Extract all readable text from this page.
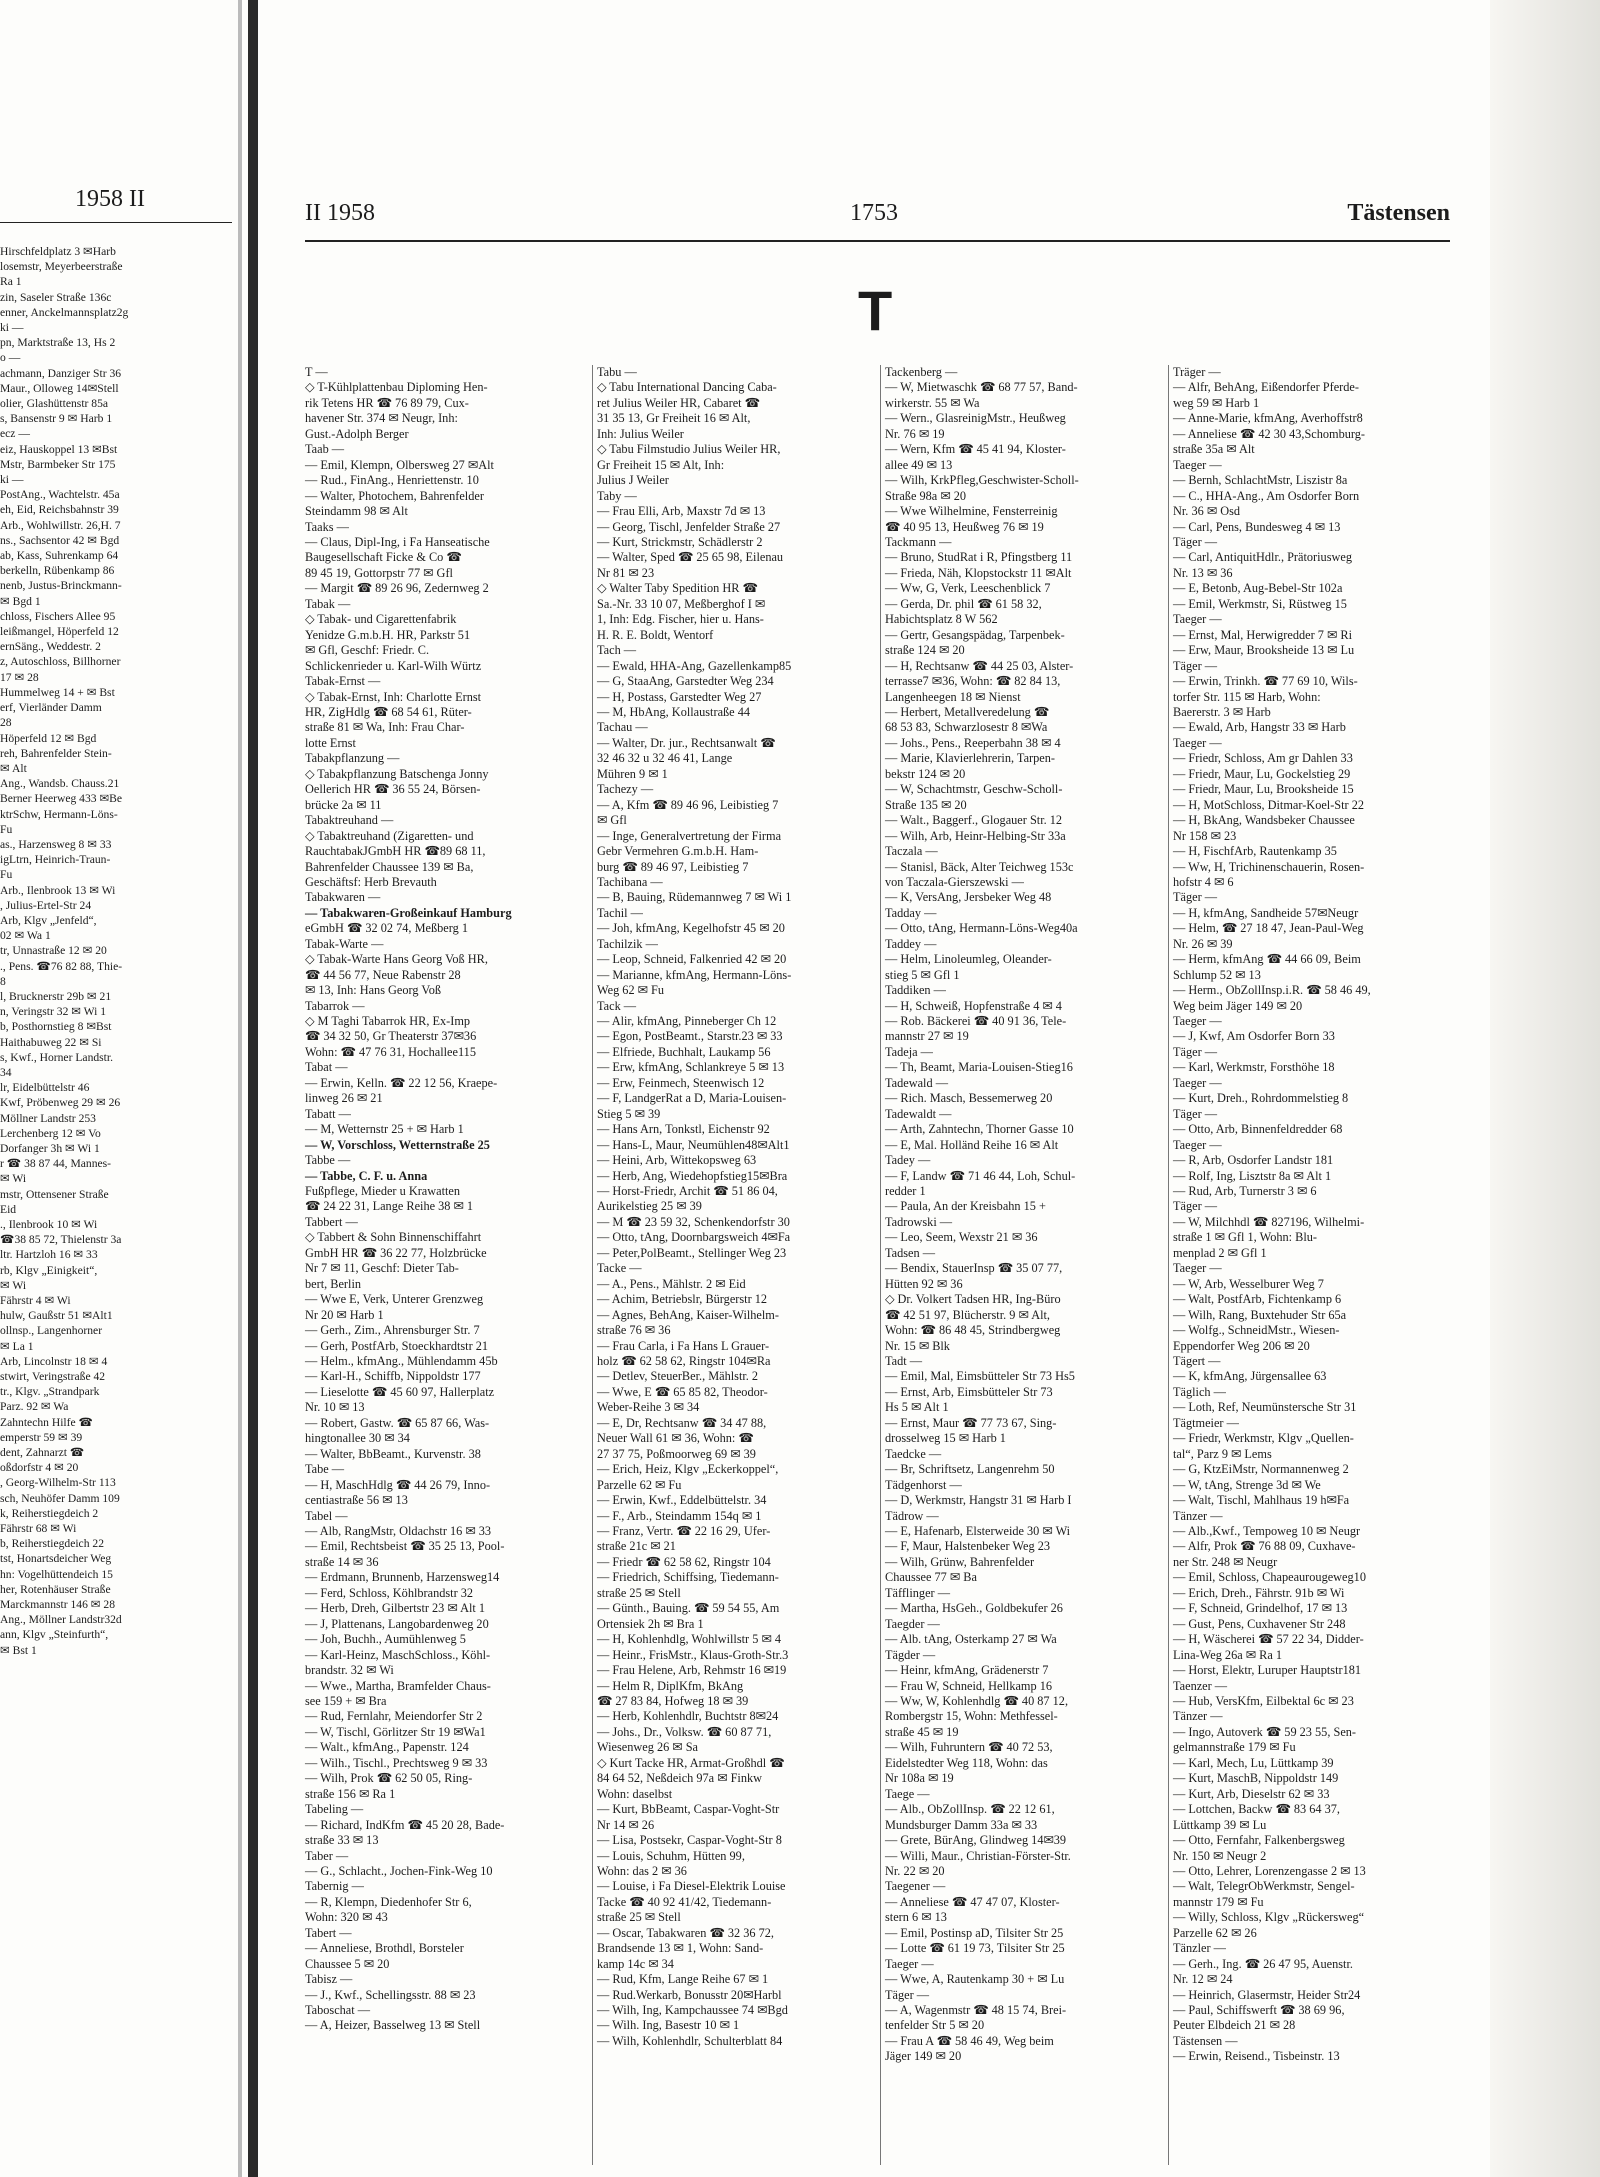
1958 II
Hirschfeldplatz 3 ✉Harb
losemstr, Meyerbeerstraße
Ra 1
zin, Saseler Straße 136c
enner, Anckelmannsplatz2g
ki —
pn, Marktstraße 13, Hs 2
o —
achmann, Danziger Str 36
Maur., Olloweg 14✉Stell
olier, Glashüttenstr 85a
s, Bansenstr 9 ✉ Harb 1
ecz —
eiz, Hauskoppel 13 ✉Bst
Mstr, Barmbeker Str 175
ki —
PostAng., Wachtelstr. 45a
eh, Eid, Reichsbahnstr 39
Arb., Wohlwillstr. 26,H. 7
ns., Sachsentor 42 ✉ Bgd
ab, Kass, Suhrenkamp 64
berkelln, Rübenkamp 86
nenb, Justus-Brinckmann-
✉ Bgd 1
chloss, Fischers Allee 95
leißmangel, Höperfeld 12
ernSäng., Weddestr. 2
z, Autoschloss, Billhorner
17 ✉ 28
Hummelweg 14 + ✉ Bst
erf, Vierländer Damm
28
Höperfeld 12 ✉ Bgd
reh, Bahrenfelder Stein-
✉ Alt
Ang., Wandsb. Chauss.21
Berner Heerweg 433 ✉Be
ktrSchw, Hermann-Löns-
Fu
as., Harzensweg 8 ✉ 33
igLtrn, Heinrich-Traun-
Fu
Arb., Ilenbrook 13 ✉ Wi
, Julius-Ertel-Str 24
Arb, Klgv „Jenfeld“,
02 ✉ Wa 1
tr, Unnastraße 12 ✉ 20
., Pens. ☎76 82 88, Thie-
8
l, Brucknerstr 29b ✉ 21
n, Veringstr 32 ✉ Wi 1
b, Posthornstieg 8 ✉Bst
Haithabuweg 22 ✉ Si
s, Kwf., Horner Landstr.
34
lr, Eidelbüttelstr 46
Kwf, Pröbenweg 29 ✉ 26
Möllner Landstr 253
Lerchenberg 12 ✉ Vo
Dorfanger 3h ✉ Wi 1
r ☎ 38 87 44, Mannes-
✉ Wi
mstr, Ottensener Straße
Eid
., Ilenbrook 10 ✉ Wi
☎38 85 72, Thielenstr 3a
ltr. Hartzloh 16 ✉ 33
rb, Klgv „Einigkeit“,
✉ Wi
Fährstr 4 ✉ Wi
hulw, Gaußstr 51 ✉Alt1
ollnsp., Langenhorner
✉ La 1
Arb, Lincolnstr 18 ✉ 4
stwirt, Veringstraße 42
tr., Klgv. „Strandpark
Parz. 92 ✉ Wa
Zahntechn Hilfe ☎
emperstr 59 ✉ 39
dent, Zahnarzt ☎
oßdorfstr 4 ✉ 20
, Georg-Wilhelm-Str 113
sch, Neuhöfer Damm 109
k, Reiherstiegdeich 2
Fährstr 68 ✉ Wi
b, Reiherstiegdeich 22
tst, Honartsdeicher Weg
hn: Vogelhüttendeich 15
her, Rotenhäuser Straße
Marckmannstr 146 ✉ 28
Ang., Möllner Landstr32d
ann, Klgv „Steinfurth“,
✉ Bst 1
II 1958	1753	Tästensen
T
T —
◇ T-Kühlplattenbau Diploming Hen-
rik Tetens HR ☎ 76 89 79, Cux-
havener Str. 374 ✉ Neugr, Inh:
Gust.-Adolph Berger
Taab —
— Emil, Klempn, Olbersweg 27 ✉Alt
— Rud., FinAng., Henriettenstr. 10
— Walter, Photochem, Bahrenfelder
Steindamm 98 ✉ Alt
Taaks —
— Claus, Dipl-Ing, i Fa Hanseatische
Baugesellschaft Ficke & Co ☎
89 45 19, Gottorpstr 77 ✉ Gfl
— Margit ☎ 89 26 96, Zedernweg 2
Tabak —
◇ Tabak- und Cigarettenfabrik
Yenidze G.m.b.H. HR, Parkstr 51
✉ Gfl, Geschf: Friedr. C.
Schlickenrieder u. Karl-Wilh Würtz
Tabak-Ernst —
◇ Tabak-Ernst, Inh: Charlotte Ernst
HR, ZigHdlg ☎ 68 54 61, Rüter-
straße 81 ✉ Wa, Inh: Frau Char-
lotte Ernst
Tabakpflanzung —
◇ Tabakpflanzung Batschenga Jonny
Oellerich HR ☎ 36 55 24, Börsen-
brücke 2a ✉ 11
Tabaktreuhand —
◇ Tabaktreuhand (Zigaretten- und
RauchtabakJGmbH HR ☎89 68 11,
Bahrenfelder Chaussee 139 ✉ Ba,
Geschäftsf: Herb Brevauth
Tabakwaren —
— Tabakwaren-Großeinkauf Hamburg
eGmbH ☎ 32 02 74, Meßberg 1
Tabak-Warte —
◇ Tabak-Warte Hans Georg Voß HR,
☎ 44 56 77, Neue Rabenstr 28
✉ 13, Inh: Hans Georg Voß
Tabarrok —
◇ M Taghi Tabarrok HR, Ex-Imp
☎ 34 32 50, Gr Theaterstr 37✉36
Wohn: ☎ 47 76 31, Hochallee115
Tabat —
— Erwin, Kelln. ☎ 22 12 56, Kraepe-
linweg 26 ✉ 21
Tabatt —
— M, Wetternstr 25 + ✉ Harb 1
— W, Vorschloss, Wetternstraße 25
Tabbe —
— Tabbe, C. F. u. Anna
Fußpflege, Mieder u Krawatten
☎ 24 22 31, Lange Reihe 38 ✉ 1
Tabbert —
◇ Tabbert & Sohn Binnenschiffahrt
GmbH HR ☎ 36 22 77, Holzbrücke
Nr 7 ✉ 11, Geschf: Dieter Tab-
bert, Berlin
— Wwe E, Verk, Unterer Grenzweg
Nr 20 ✉ Harb 1
— Gerh., Zim., Ahrensburger Str. 7
— Gerh, PostfArb, Stoeckhardtstr 21
— Helm., kfmAng., Mühlendamm 45b
— Karl-H., Schiffb, Nippoldstr 177
— Lieselotte ☎ 45 60 97, Hallerplatz
Nr. 10 ✉ 13
— Robert, Gastw. ☎ 65 87 66, Was-
hingtonallee 30 ✉ 34
— Walter, BbBeamt., Kurvenstr. 38
Tabe —
— H, MaschHdlg ☎ 44 26 79, Inno-
centiastraße 56 ✉ 13
Tabel —
— Alb, RangMstr, Oldachstr 16 ✉ 33
— Emil, Rechtsbeist ☎ 35 25 13, Pool-
straße 14 ✉ 36
— Erdmann, Brunnenb, Harzensweg14
— Ferd, Schloss, Köhlbrandstr 32
— Herb, Dreh, Gilbertstr 23 ✉ Alt 1
— J, Plattenans, Langobardenweg 20
— Joh, Buchh., Aumühlenweg 5
— Karl-Heinz, MaschSchloss., Köhl-
brandstr. 32 ✉ Wi
— Wwe., Martha, Bramfelder Chaus-
see 159 + ✉ Bra
— Rud, Fernlahr, Meiendorfer Str 2
— W, Tischl, Görlitzer Str 19 ✉Wa1
— Walt., kfmAng., Papenstr. 124
— Wilh., Tischl., Prechtsweg 9 ✉ 33
— Wilh, Prok ☎ 62 50 05, Ring-
straße 156 ✉ Ra 1
Tabeling —
— Richard, IndKfm ☎ 45 20 28, Bade-
straße 33 ✉ 13
Taber —
— G., Schlacht., Jochen-Fink-Weg 10
Tabernig —
— R, Klempn, Diedenhofer Str 6,
Wohn: 320 ✉ 43
Tabert —
— Anneliese, Brothdl, Borsteler
Chaussee 5 ✉ 20
Tabisz —
— J., Kwf., Schellingsstr. 88 ✉ 23
Taboschat —
— A, Heizer, Basselweg 13 ✉ Stell
Tabu —
◇ Tabu International Dancing Caba-
ret Julius Weiler HR, Cabaret ☎
31 35 13, Gr Freiheit 16 ✉ Alt,
Inh: Julius Weiler
◇ Tabu Filmstudio Julius Weiler HR,
Gr Freiheit 15 ✉ Alt, Inh:
Julius J Weiler
Taby —
— Frau Elli, Arb, Maxstr 7d ✉ 13
— Georg, Tischl, Jenfelder Straße 27
— Kurt, Strickmstr, Schädlerstr 2
— Walter, Sped ☎ 25 65 98, Eilenau
Nr 81 ✉ 23
◇ Walter Taby Spedition HR ☎
Sa.-Nr. 33 10 07, Meßberghof I ✉
1, Inh: Edg. Fischer, hier u. Hans-
H. R. E. Boldt, Wentorf
Tach —
— Ewald, HHA-Ang, Gazellenkamp85
— G, StaaAng, Garstedter Weg 234
— H, Postass, Garstedter Weg 27
— M, HbAng, Kollaustraße 44
Tachau —
— Walter, Dr. jur., Rechtsanwalt ☎
32 46 32 u 32 46 41, Lange
Mühren 9 ✉ 1
Tachezy —
— A, Kfm ☎ 89 46 96, Leibistieg 7
✉ Gfl
— Inge, Generalvertretung der Firma
Gebr Vermehren G.m.b.H. Ham-
burg ☎ 89 46 97, Leibistieg 7
Tachibana —
— B, Bauing, Rüdemannweg 7 ✉ Wi 1
Tachil —
— Joh, kfmAng, Kegelhofstr 45 ✉ 20
Tachilzik —
— Leop, Schneid, Falkenried 42 ✉ 20
— Marianne, kfmAng, Hermann-Löns-
Weg 62 ✉ Fu
Tack —
— Alir, kfmAng, Pinneberger Ch 12
— Egon, PostBeamt., Starstr.23 ✉ 33
— Elfriede, Buchhalt, Laukamp 56
— Erw, kfmAng, Schlankreye 5 ✉ 13
— Erw, Feinmech, Steenwisch 12
— F, LandgerRat a D, Maria-Louisen-
Stieg 5 ✉ 39
— Hans Arn, Tonkstl, Eichenstr 92
— Hans-L, Maur, Neumühlen48✉Alt1
— Heini, Arb, Wittekopsweg 63
— Herb, Ang, Wiedehopfstieg15✉Bra
— Horst-Friedr, Archit ☎ 51 86 04,
Aurikelstieg 25 ✉ 39
— M ☎ 23 59 32, Schenkendorfstr 30
— Otto, tAng, Doornbargsweich 4✉Fa
— Peter,PolBeamt., Stellinger Weg 23
Tacke —
— A., Pens., Mählstr. 2 ✉ Eid
— Achim, Betriebslr, Bürgerstr 12
— Agnes, BehAng, Kaiser-Wilhelm-
straße 76 ✉ 36
— Frau Carla, i Fa Hans L Grauer-
holz ☎ 62 58 62, Ringstr 104✉Ra
— Detlev, SteuerBer., Mählstr. 2
— Wwe, E ☎ 65 85 82, Theodor-
Weber-Reihe 3 ✉ 34
— E, Dr, Rechtsanw ☎ 34 47 88,
Neuer Wall 61 ✉ 36, Wohn: ☎
27 37 75, Poßmoorweg 69 ✉ 39
— Erich, Heiz, Klgv „Eckerkoppel“,
Parzelle 62 ✉ Fu
— Erwin, Kwf., Eddelbüttelstr. 34
— F., Arb., Steindamm 154q ✉ 1
— Franz, Vertr. ☎ 22 16 29, Ufer-
straße 21c ✉ 21
— Friedr ☎ 62 58 62, Ringstr 104
— Friedrich, Schiffsing, Tiedemann-
straße 25 ✉ Stell
— Günth., Bauing. ☎ 59 54 55, Am
Ortensiek 2h ✉ Bra 1
— H, Kohlenhdlg, Wohlwillstr 5 ✉ 4
— Heinr., FrisMstr., Klaus-Groth-Str.3
— Frau Helene, Arb, Rehmstr 16 ✉19
— Helm R, DiplKfm, BkAng
☎ 27 83 84, Hofweg 18 ✉ 39
— Herb, Kohlenhdlr, Buchtstr 8✉24
— Johs., Dr., Volksw. ☎ 60 87 71,
Wiesenweg 26 ✉ Sa
◇ Kurt Tacke HR, Armat-Großhdl ☎
84 64 52, Neßdeich 97a ✉ Finkw
Wohn: daselbst
— Kurt, BbBeamt, Caspar-Voght-Str
Nr 14 ✉ 26
— Lisa, Postsekr, Caspar-Voght-Str 8
— Louis, Schuhm, Hütten 99,
Wohn: das 2 ✉ 36
— Louise, i Fa Diesel-Elektrik Louise
Tacke ☎ 40 92 41/42, Tiedemann-
straße 25 ✉ Stell
— Oscar, Tabakwaren ☎ 32 36 72,
Brandsende 13 ✉ 1, Wohn: Sand-
kamp 14c ✉ 34
— Rud, Kfm, Lange Reihe 67 ✉ 1
— Rud.Werkarb, Bonusstr 20✉Harbl
— Wilh, Ing, Kampchaussee 74 ✉Bgd
— Wilh. Ing, Basestr 10 ✉ 1
— Wilh, Kohlenhdlr, Schulterblatt 84
Tackenberg —
— W, Mietwaschk ☎ 68 77 57, Band-
wirkerstr. 55 ✉ Wa
— Wern., GlasreinigMstr., Heußweg
Nr. 76 ✉ 19
— Wern, Kfm ☎ 45 41 94, Kloster-
allee 49 ✉ 13
— Wilh, KrkPfleg,Geschwister-Scholl-
Straße 98a ✉ 20
— Wwe Wilhelmine, Fensterreinig
☎ 40 95 13, Heußweg 76 ✉ 19
Tackmann —
— Bruno, StudRat i R, Pfingstberg 11
— Frieda, Näh, Klopstockstr 11 ✉Alt
— Ww, G, Verk, Leeschenblick 7
— Gerda, Dr. phil ☎ 61 58 32,
Habichtsplatz 8 W 562
— Gertr, Gesangspädag, Tarpenbek-
straße 124 ✉ 20
— H, Rechtsanw ☎ 44 25 03, Alster-
terrasse7 ✉36, Wohn: ☎ 82 84 13,
Langenheegen 18 ✉ Nienst
— Herbert, Metallveredelung ☎
68 53 83, Schwarzlosestr 8 ✉Wa
— Johs., Pens., Reeperbahn 38 ✉ 4
— Marie, Klavierlehrerin, Tarpen-
bekstr 124 ✉ 20
— W, Schachtmstr, Geschw-Scholl-
Straße 135 ✉ 20
— Walt., Baggerf., Glogauer Str. 12
— Wilh, Arb, Heinr-Helbing-Str 33a
Taczala —
— Stanisl, Bäck, Alter Teichweg 153c
von Taczala-Gierszewski —
— K, VersAng, Jersbeker Weg 48
Tadday —
— Otto, tAng, Hermann-Löns-Weg40a
Taddey —
— Helm, Linoleumleg, Oleander-
stieg 5 ✉ Gfl 1
Taddiken —
— H, Schweiß, Hopfenstraße 4 ✉ 4
— Rob. Bäckerei ☎ 40 91 36, Tele-
mannstr 27 ✉ 19
Tadeja —
— Th, Beamt, Maria-Louisen-Stieg16
Tadewald —
— Rich. Masch, Bessemerweg 20
Tadewaldt —
— Arth, Zahntechn, Thorner Gasse 10
— E, Mal. Holländ Reihe 16 ✉ Alt
Tadey —
— F, Landw ☎ 71 46 44, Loh, Schul-
redder 1
— Paula, An der Kreisbahn 15 +
Tadrowski —
— Leo, Seem, Wexstr 21 ✉ 36
Tadsen —
— Bendix, StauerInsp ☎ 35 07 77,
Hütten 92 ✉ 36
◇ Dr. Volkert Tadsen HR, Ing-Büro
☎ 42 51 97, Blücherstr. 9 ✉ Alt,
Wohn: ☎ 86 48 45, Strindbergweg
Nr. 15 ✉ Blk
Tadt —
— Emil, Mal, Eimsbütteler Str 73 Hs5
— Ernst, Arb, Eimsbütteler Str 73
Hs 5 ✉ Alt 1
— Ernst, Maur ☎ 77 73 67, Sing-
drosselweg 15 ✉ Harb 1
Taedcke —
— Br, Schriftsetz, Langenrehm 50
Tädgenhorst —
— D, Werkmstr, Hangstr 31 ✉ Harb I
Tädrow —
— E, Hafenarb, Elsterweide 30 ✉ Wi
— F, Maur, Halstenbeker Weg 23
— Wilh, Grünw, Bahrenfelder
Chaussee 77 ✉ Ba
Täfflinger —
— Martha, HsGeh., Goldbekufer 26
Taegder —
— Alb. tAng, Osterkamp 27 ✉ Wa
Tägder —
— Heinr, kfmAng, Grädenerstr 7
— Frau W, Schneid, Hellkamp 16
— Ww, W, Kohlenhdlg ☎ 40 87 12,
Rombergstr 15, Wohn: Methfessel-
straße 45 ✉ 19
— Wilh, Fuhruntern ☎ 40 72 53,
Eidelstedter Weg 118, Wohn: das
Nr 108a ✉ 19
Taege —
— Alb., ObZollInsp. ☎ 22 12 61,
Mundsburger Damm 33a ✉ 33
— Grete, BürAng, Glindweg 14✉39
— Willi, Maur., Christian-Förster-Str.
Nr. 22 ✉ 20
Taegener —
— Anneliese ☎ 47 47 07, Kloster-
stern 6 ✉ 13
— Emil, Postinsp aD, Tilsiter Str 25
— Lotte ☎ 61 19 73, Tilsiter Str 25
Taeger —
— Wwe, A, Rautenkamp 30 + ✉ Lu
Täger —
— A, Wagenmstr ☎ 48 15 74, Brei-
tenfelder Str 5 ✉ 20
— Frau A ☎ 58 46 49, Weg beim
Jäger 149 ✉ 20
Träger —
— Alfr, BehAng, Eißendorfer Pferde-
weg 59 ✉ Harb 1
— Anne-Marie, kfmAng, Averhoffstr8
— Anneliese ☎ 42 30 43,Schomburg-
straße 35a ✉ Alt
Taeger —
— Bernh, SchlachtMstr, Liszistr 8a
— C., HHA-Ang., Am Osdorfer Born
Nr. 36 ✉ Osd
— Carl, Pens, Bundesweg 4 ✉ 13
Täger —
— Carl, AntiquitHdlr., Prätoriusweg
Nr. 13 ✉ 36
— E, Betonb, Aug-Bebel-Str 102a
— Emil, Werkmstr, Si, Rüstweg 15
Taeger —
— Ernst, Mal, Herwigredder 7 ✉ Ri
— Erw, Maur, Brooksheide 13 ✉ Lu
Täger —
— Erwin, Trinkh. ☎ 77 69 10, Wils-
torfer Str. 115 ✉ Harb, Wohn:
Baererstr. 3 ✉ Harb
— Ewald, Arb, Hangstr 33 ✉ Harb
Taeger —
— Friedr, Schloss, Am gr Dahlen 33
— Friedr, Maur, Lu, Gockelstieg 29
— Friedr, Maur, Lu, Brooksheide 15
— H, MotSchloss, Ditmar-Koel-Str 22
— H, BkAng, Wandsbeker Chaussee
Nr 158 ✉ 23
— H, FischfArb, Rautenkamp 35
— Ww, H, Trichinenschauerin, Rosen-
hofstr 4 ✉ 6
Täger —
— H, kfmAng, Sandheide 57✉Neugr
— Helm, ☎ 27 18 47, Jean-Paul-Weg
Nr. 26 ✉ 39
— Herm, kfmAng ☎ 44 66 09, Beim
Schlump 52 ✉ 13
— Herm., ObZollInsp.i.R. ☎ 58 46 49,
Weg beim Jäger 149 ✉ 20
Taeger —
— J, Kwf, Am Osdorfer Born 33
Täger —
— Karl, Werkmstr, Forsthöhe 18
Taeger —
— Kurt, Dreh., Rohrdommelstieg 8
Täger —
— Otto, Arb, Binnenfeldredder 68
Taeger —
— R, Arb, Osdorfer Landstr 181
— Rolf, Ing, Lisztstr 8a ✉ Alt 1
— Rud, Arb, Turnerstr 3 ✉ 6
Täger —
— W, Milchhdl ☎ 827196, Wilhelmi-
straße 1 ✉ Gfl 1, Wohn: Blu-
menplad 2 ✉ Gfl 1
Taeger —
— W, Arb, Wesselburer Weg 7
— Walt, PostfArb, Fichtenkamp 6
— Wilh, Rang, Buxtehuder Str 65a
— Wolfg., SchneidMstr., Wiesen-
Eppendorfer Weg 206 ✉ 20
Tägert —
— K, kfmAng, Jürgensallee 63
Täglich —
— Loth, Ref, Neumünstersche Str 31
Tägtmeier —
— Friedr, Werkmstr, Klgv „Quellen-
tal“, Parz 9 ✉ Lems
— G, KtzEiMstr, Normannenweg 2
— W, tAng, Strenge 3d ✉ We
— Walt, Tischl, Mahlhaus 19 h✉Fa
Tänzer —
— Alb.,Kwf., Tempoweg 10 ✉ Neugr
— Alfr, Prok ☎ 76 88 09, Cuxhave-
ner Str. 248 ✉ Neugr
— Emil, Schloss, Chapeaurougeweg10
— Erich, Dreh., Fährstr. 91b ✉ Wi
— F, Schneid, Grindelhof, 17 ✉ 13
— Gust, Pens, Cuxhavener Str 248
— H, Wäscherei ☎ 57 22 34, Didder-
Lina-Weg 26a ✉ Ra 1
— Horst, Elektr, Luruper Hauptstr181
Taenzer —
— Hub, VersKfm, Eilbektal 6c ✉ 23
Tänzer —
— Ingo, Autoverk ☎ 59 23 55, Sen-
gelmannstraße 179 ✉ Fu
— Karl, Mech, Lu, Lüttkamp 39
— Kurt, MaschB, Nippoldstr 149
— Kurt, Arb, Dieselstr 62 ✉ 33
— Lottchen, Backw ☎ 83 64 37,
Lüttkamp 39 ✉ Lu
— Otto, Fernfahr, Falkenbergsweg
Nr. 150 ✉ Neugr 2
— Otto, Lehrer, Lorenzengasse 2 ✉ 13
— Walt, TelegrObWerkmstr, Sengel-
mannstr 179 ✉ Fu
— Willy, Schloss, Klgv „Rückersweg“
Parzelle 62 ✉ 26
Tänzler —
— Gerh., Ing. ☎ 26 47 95, Auenstr.
Nr. 12 ✉ 24
— Heinrich, Glasermstr, Heider Str24
— Paul, Schiffswerft ☎ 38 69 96,
Peuter Elbdeich 21 ✉ 28
Tästensen —
— Erwin, Reisend., Tisbeinstr. 13
